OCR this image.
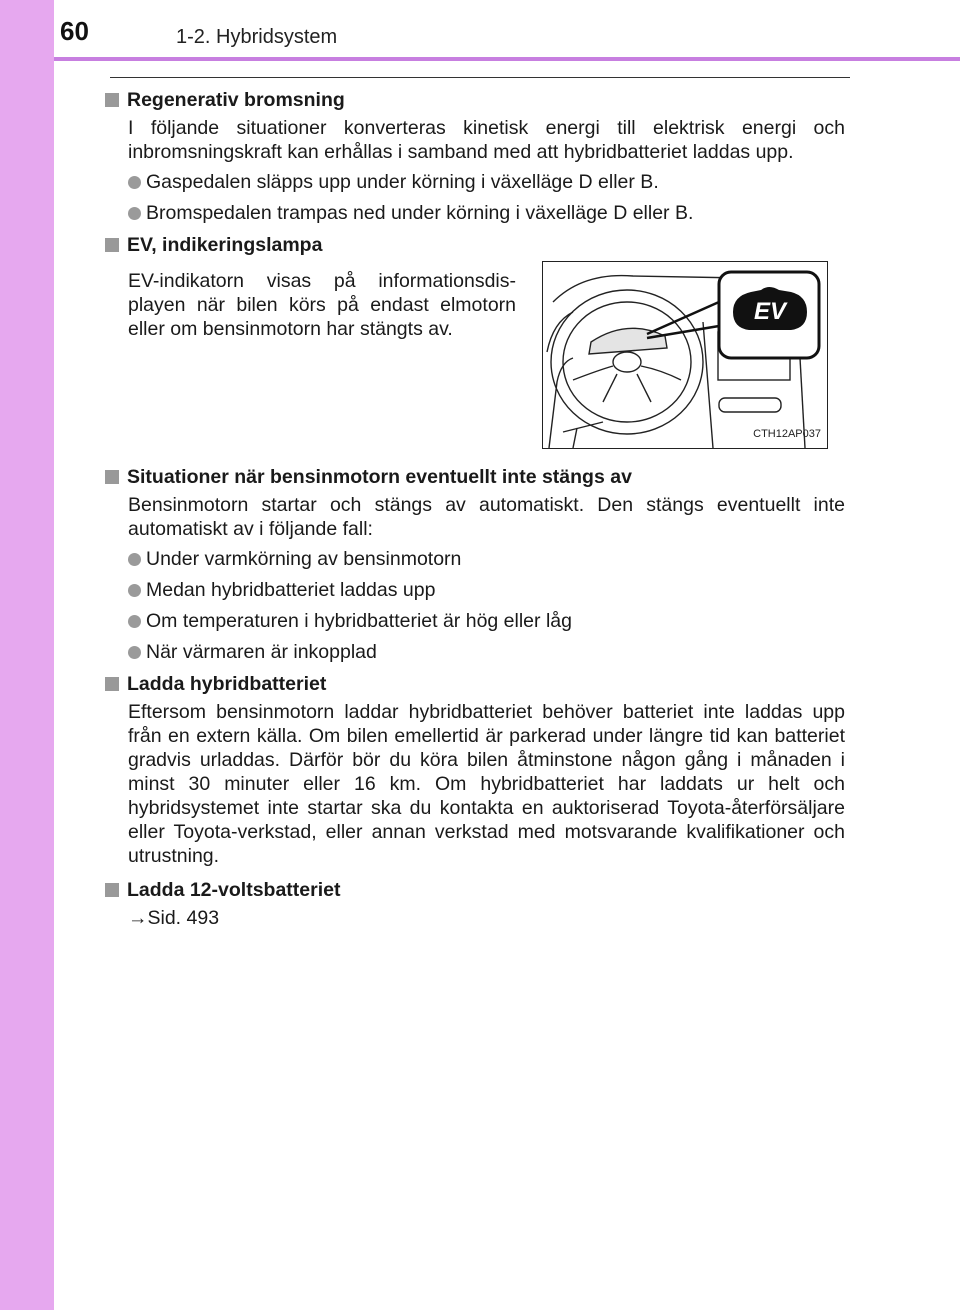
60	1-2. Hybridsystem
Regenerativ bromsning
I följande situationer konverteras kinetisk energi till elektrisk energi och inbromsningskraft kan erhållas i samband med att hybridbatteriet laddas upp.
Gaspedalen släpps upp under körning i växelläge D eller B.
Bromspedalen trampas ned under körning i växelläge D eller B.
EV, indikeringslampa
EV-indikatorn visas på informationsdis-playen när bilen körs på endast elmotorn eller om bensinmotorn har stängts av.
EV
CTH12AP037
Situationer när bensinmotorn eventuellt inte stängs av
Bensinmotorn startar och stängs av automatiskt. Den stängs eventuellt inte automatiskt av i följande fall:
Under varmkörning av bensinmotorn
Medan hybridbatteriet laddas upp
Om temperaturen i hybridbatteriet är hög eller låg
När värmaren är inkopplad
Ladda hybridbatteriet
Eftersom bensinmotorn laddar hybridbatteriet behöver batteriet inte laddas upp från en extern källa. Om bilen emellertid är parkerad under längre tid kan batteriet gradvis urladdas. Därför bör du köra bilen åtminstone någon gång i månaden i minst 30 minuter eller 16 km. Om hybridbatteriet har laddats ur helt och hybridsystemet inte startar ska du kontakta en auktoriserad Toyota-återförsäljare eller Toyota-verkstad, eller annan verkstad med motsvarande kvalifikationer och utrustning.
Ladda 12-voltsbatteriet
→Sid. 493
